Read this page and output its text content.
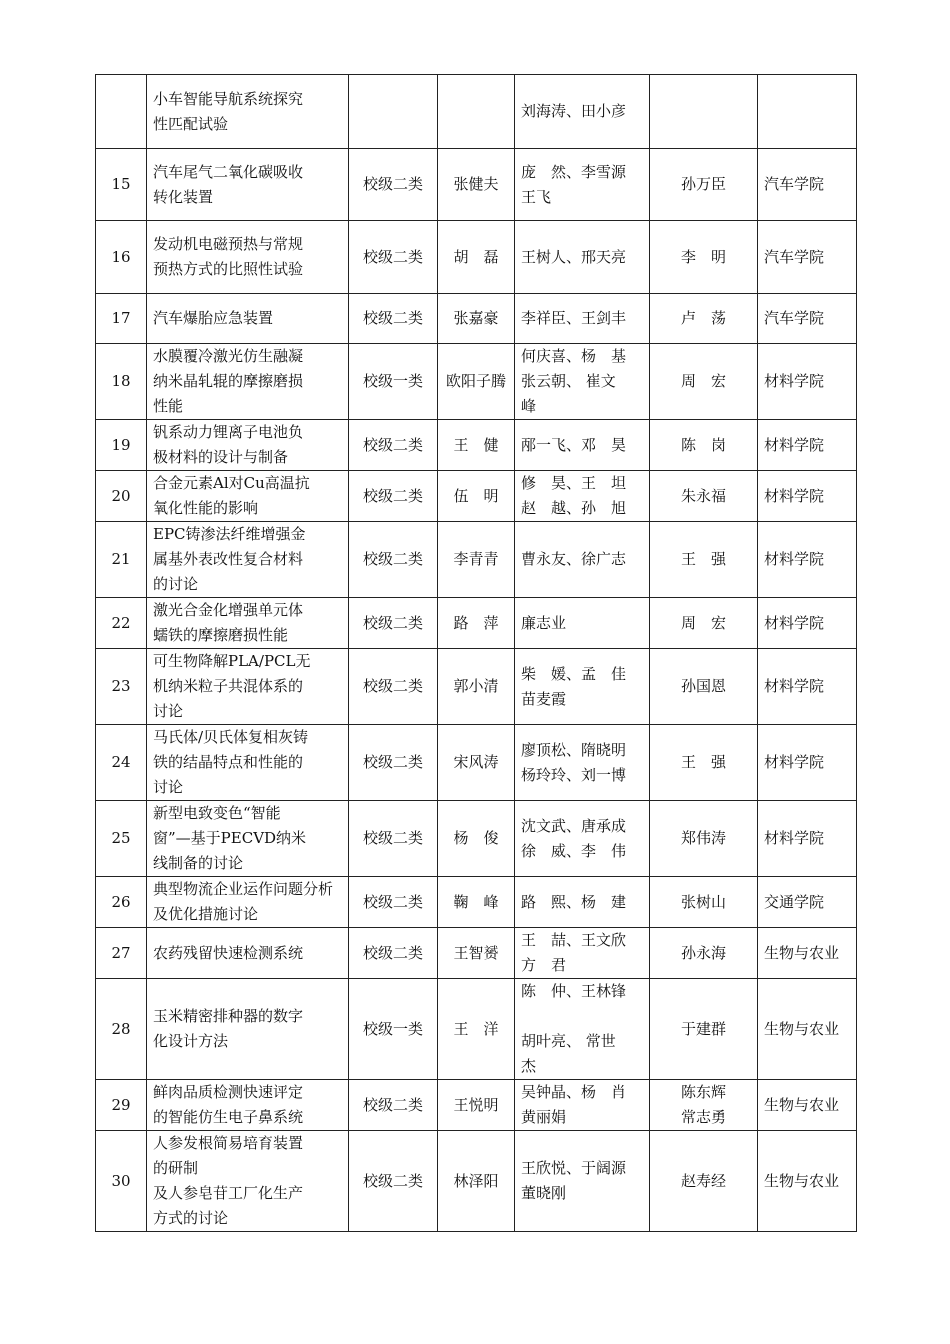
	小车智能导航系统探究
性匹配试验			刘海涛、田小彦		

15	汽车尾气二氧化碳吸收
转化装置	校级二类	张健夫	庞　然、李雪源
王飞	孙万臣	汽车学院

16	发动机电磁预热与常规
预热方式的比照性试验	校级二类	胡　磊	王树人、邢天亮	李　明	汽车学院

17	汽车爆胎应急装置	校级二类	张嘉豪	李祥臣、王剑丰	卢　荡	汽车学院

18	水膜覆冷激光仿生融凝
纳米晶轧辊的摩擦磨损
性能	校级一类	欧阳子腾	何庆喜、杨　基
张云朝、 崔文
峰	周　宏	材料学院

19	钒系动力锂离子电池负
极材料的设计与制备	校级二类	王　健	邴一飞、邓　昊	陈　岗	材料学院

20	合金元素Al对Cu高温抗
氧化性能的影响	校级二类	伍　明	修　昊、王　坦
赵　越、孙　旭	朱永福	材料学院

21	EPC铸渗法纤维增强金
属基外表改性复合材料
的讨论	校级二类	李青青	曹永友、徐广志	王　强	材料学院

22	激光合金化增强单元体
蠕铁的摩擦磨损性能	校级二类	路　萍	廉志业	周　宏	材料学院

23	可生物降解PLA/PCL无
机纳米粒子共混体系的
讨论	校级二类	郭小清	柴　媛、孟　佳
苗麦霞	孙国恩	材料学院

24	马氏体/贝氏体复相灰铸
铁的结晶特点和性能的
讨论	校级二类	宋风涛	廖顶松、隋晓明
杨玲玲、刘一博	王　强	材料学院

25	新型电致变色“智能
窗”—基于PECVD纳米
线制备的讨论	校级二类	杨　俊	沈文武、唐承成
徐　威、李　伟	郑伟涛	材料学院

26	典型物流企业运作问题分析
及优化措施讨论	校级二类	鞠　峰	路　熙、杨　建	张树山	交通学院

27	农药残留快速检测系统	校级二类	王智赟	王　喆、王文欣
方　君	孙永海	生物与农业

28	玉米精密排种器的数字
化设计方法	校级一类	王　洋	陈　仲、王林锋

胡叶亮、 常世
杰	于建群	生物与农业

29	鲜肉品质检测快速评定
的智能仿生电子鼻系统	校级二类	王悦明	吴钟晶、杨　肖
黄丽娟	陈东辉
常志勇	生物与农业

30	人参发根简易培育装置
的研制
及人参皂苷工厂化生产
方式的讨论	校级二类	林泽阳	王欣悦、于阔源
董晓刚	赵寿经	生物与农业
